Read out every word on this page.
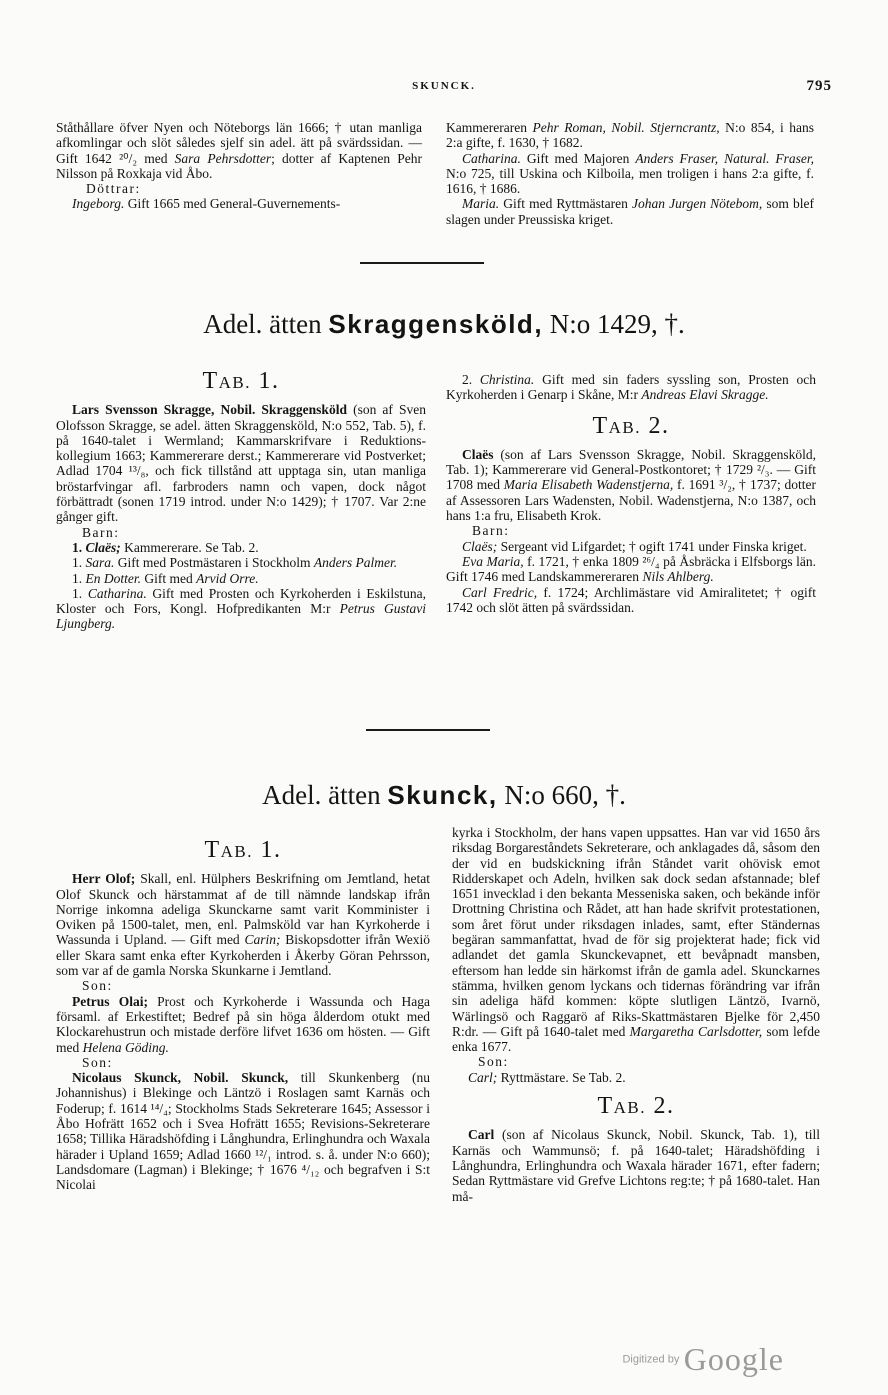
SKUNCK.	795

Ståthållare öfver Nyen och Nöteborgs län 1666; † utan manliga afkomlingar och slöt således sjelf sin adel. ätt på svärdssidan. — Gift 1642 ²⁰/₂ med Sara Pehrsdotter; dotter af Kaptenen Pehr Nilsson på Roxkaja vid Åbo.

Döttrar:

Ingeborg. Gift 1665 med General-Guvernements-

Kammereraren Pehr Roman, Nobil. Stjerncrantz, N:o 854, i hans 2:a gifte, f. 1630, † 1682.

Catharina. Gift med Majoren Anders Fraser, Natural. Fraser, N:o 725, till Uskina och Kilboila, men troligen i hans 2:a gifte, f. 1616, † 1686.

Maria. Gift med Ryttmästaren Johan Jurgen Nötebom, som blef slagen under Preussiska kriget.

Adel. ätten Skraggensköld, N:o 1429, †.
TAB. 1.

Lars Svensson Skragge, Nobil. Skraggensköld (son af Sven Olofsson Skragge, se adel. ätten Skraggensköld, N:o 552, Tab. 5), f. på 1640-talet i Wermland; Kammarskrifvare i Reduktions-kollegium 1663; Kammererare derst.; Kammererare vid Postverket; Adlad 1704 ¹³/₈, och fick tillstånd att upptaga sin, utan manliga bröstarfvingar afl. farbroders namn och vapen, dock något förbättradt (sonen 1719 introd. under N:o 1429); † 1707. Var 2:ne gånger gift.

Barn:

1. Claës; Kammererare. Se Tab. 2.

1. Sara. Gift med Postmästaren i Stockholm Anders Palmer.

1. En Dotter. Gift med Arvid Orre.

1. Catharina. Gift med Prosten och Kyrkoherden i Eskilstuna, Kloster och Fors, Kongl. Hofpredikanten M:r Petrus Gustavi Ljungberg.

2. Christina. Gift med sin faders syssling son, Prosten och Kyrkoherden i Genarp i Skåne, M:r Andreas Elavi Skragge.

TAB. 2.

Claës (son af Lars Svensson Skragge, Nobil. Skraggensköld, Tab. 1); Kammererare vid General-Postkontoret; † 1729 ²/₃. — Gift 1708 med Maria Elisabeth Wadenstjerna, f. 1691 ³/₂, † 1737; dotter af Assessoren Lars Wadensten, Nobil. Wadenstjerna, N:o 1387, och hans 1:a fru, Elisabeth Krok.

Barn:

Claës; Sergeant vid Lifgardet; † ogift 1741 under Finska kriget.

Eva Maria, f. 1721, † enka 1809 ²⁶/₄ på Åsbräcka i Elfsborgs län. Gift 1746 med Landskammereraren Nils Ahlberg.

Carl Fredric, f. 1724; Archlimästare vid Amiralitetet; † ogift 1742 och slöt ätten på svärdssidan.

Adel. ätten Skunck, N:o 660, †.
TAB. 1.

Herr Olof; Skall, enl. Hülphers Beskrifning om Jemtland, hetat Olof Skunck och härstammat af de till nämnde landskap ifrån Norrige inkomna adeliga Skunckarne samt varit Komminister i Oviken på 1500-talet, men, enl. Palmsköld var han Kyrkoherde i Wassunda i Upland. — Gift med Carin; Biskopsdotter ifrån Wexiö eller Skara samt enka efter Kyrkoherden i Åkerby Göran Pehrsson, som var af de gamla Norska Skunkarne i Jemtland.

Son:

Petrus Olai; Prost och Kyrkoherde i Wassunda och Haga församl. af Erkestiftet; Bedref på sin höga ålderdom otukt med Klockarehustrun och mistade derföre lifvet 1636 om hösten. — Gift med Helena Göding.

Son:

Nicolaus Skunck, Nobil. Skunck, till Skunkenberg (nu Johannishus) i Blekinge och Läntzö i Roslagen samt Karnäs och Foderup; f. 1614 ¹⁴/₄; Stockholms Stads Sekreterare 1645; Assessor i Åbo Hofrätt 1652 och i Svea Hofrätt 1655; Revisions-Sekreterare 1658; Tillika Häradshöfding i Långhundra, Erlinghundra och Waxala härader i Upland 1659; Adlad 1660 ¹²/₁ introd. s. å. under N:o 660); Landsdomare (Lagman) i Blekinge; † 1676 ⁴/₁₂ och begrafven i S:t Nicolai

kyrka i Stockholm, der hans vapen uppsattes. Han var vid 1650 års riksdag Borgareståndets Sekreterare, och anklagades då, såsom den der vid en budskickning ifrån Ståndet varit ohövisk emot Ridderskapet och Adeln, hvilken sak dock sedan afstannade; blef 1651 invecklad i den bekanta Messeniska saken, och bekände inför Drottning Christina och Rådet, att han hade skrifvit protestationen, som året förut under riksdagen inlades, samt, efter Ständernas begäran sammanfattat, hvad de för sig projekterat hade; fick vid adlandet det gamla Skunckevapnet, ett bevåpnadt mansben, eftersom han ledde sin härkomst ifrån de gamla adel. Skunckarnes stämma, hvilken genom lyckans och tidernas förändring var ifrån sin adeliga häfd kommen: köpte slutligen Läntzö, Ivarnö, Wärlingsö och Raggarö af Riks-Skattmästaren Bjelke för 2,450 R:dr. — Gift på 1640-talet med Margaretha Carlsdotter, som lefde enka 1677.

Son:

Carl; Ryttmästare. Se Tab. 2.

TAB. 2.

Carl (son af Nicolaus Skunck, Nobil. Skunck, Tab. 1), till Karnäs och Wammunsö; f. på 1640-talet; Häradshöfding i Långhundra, Erlinghundra och Waxala härader 1671, efter fadern; Sedan Ryttmästare vid Grefve Lichtons reg:te; † på 1680-talet. Han må-

Digitized by Google
